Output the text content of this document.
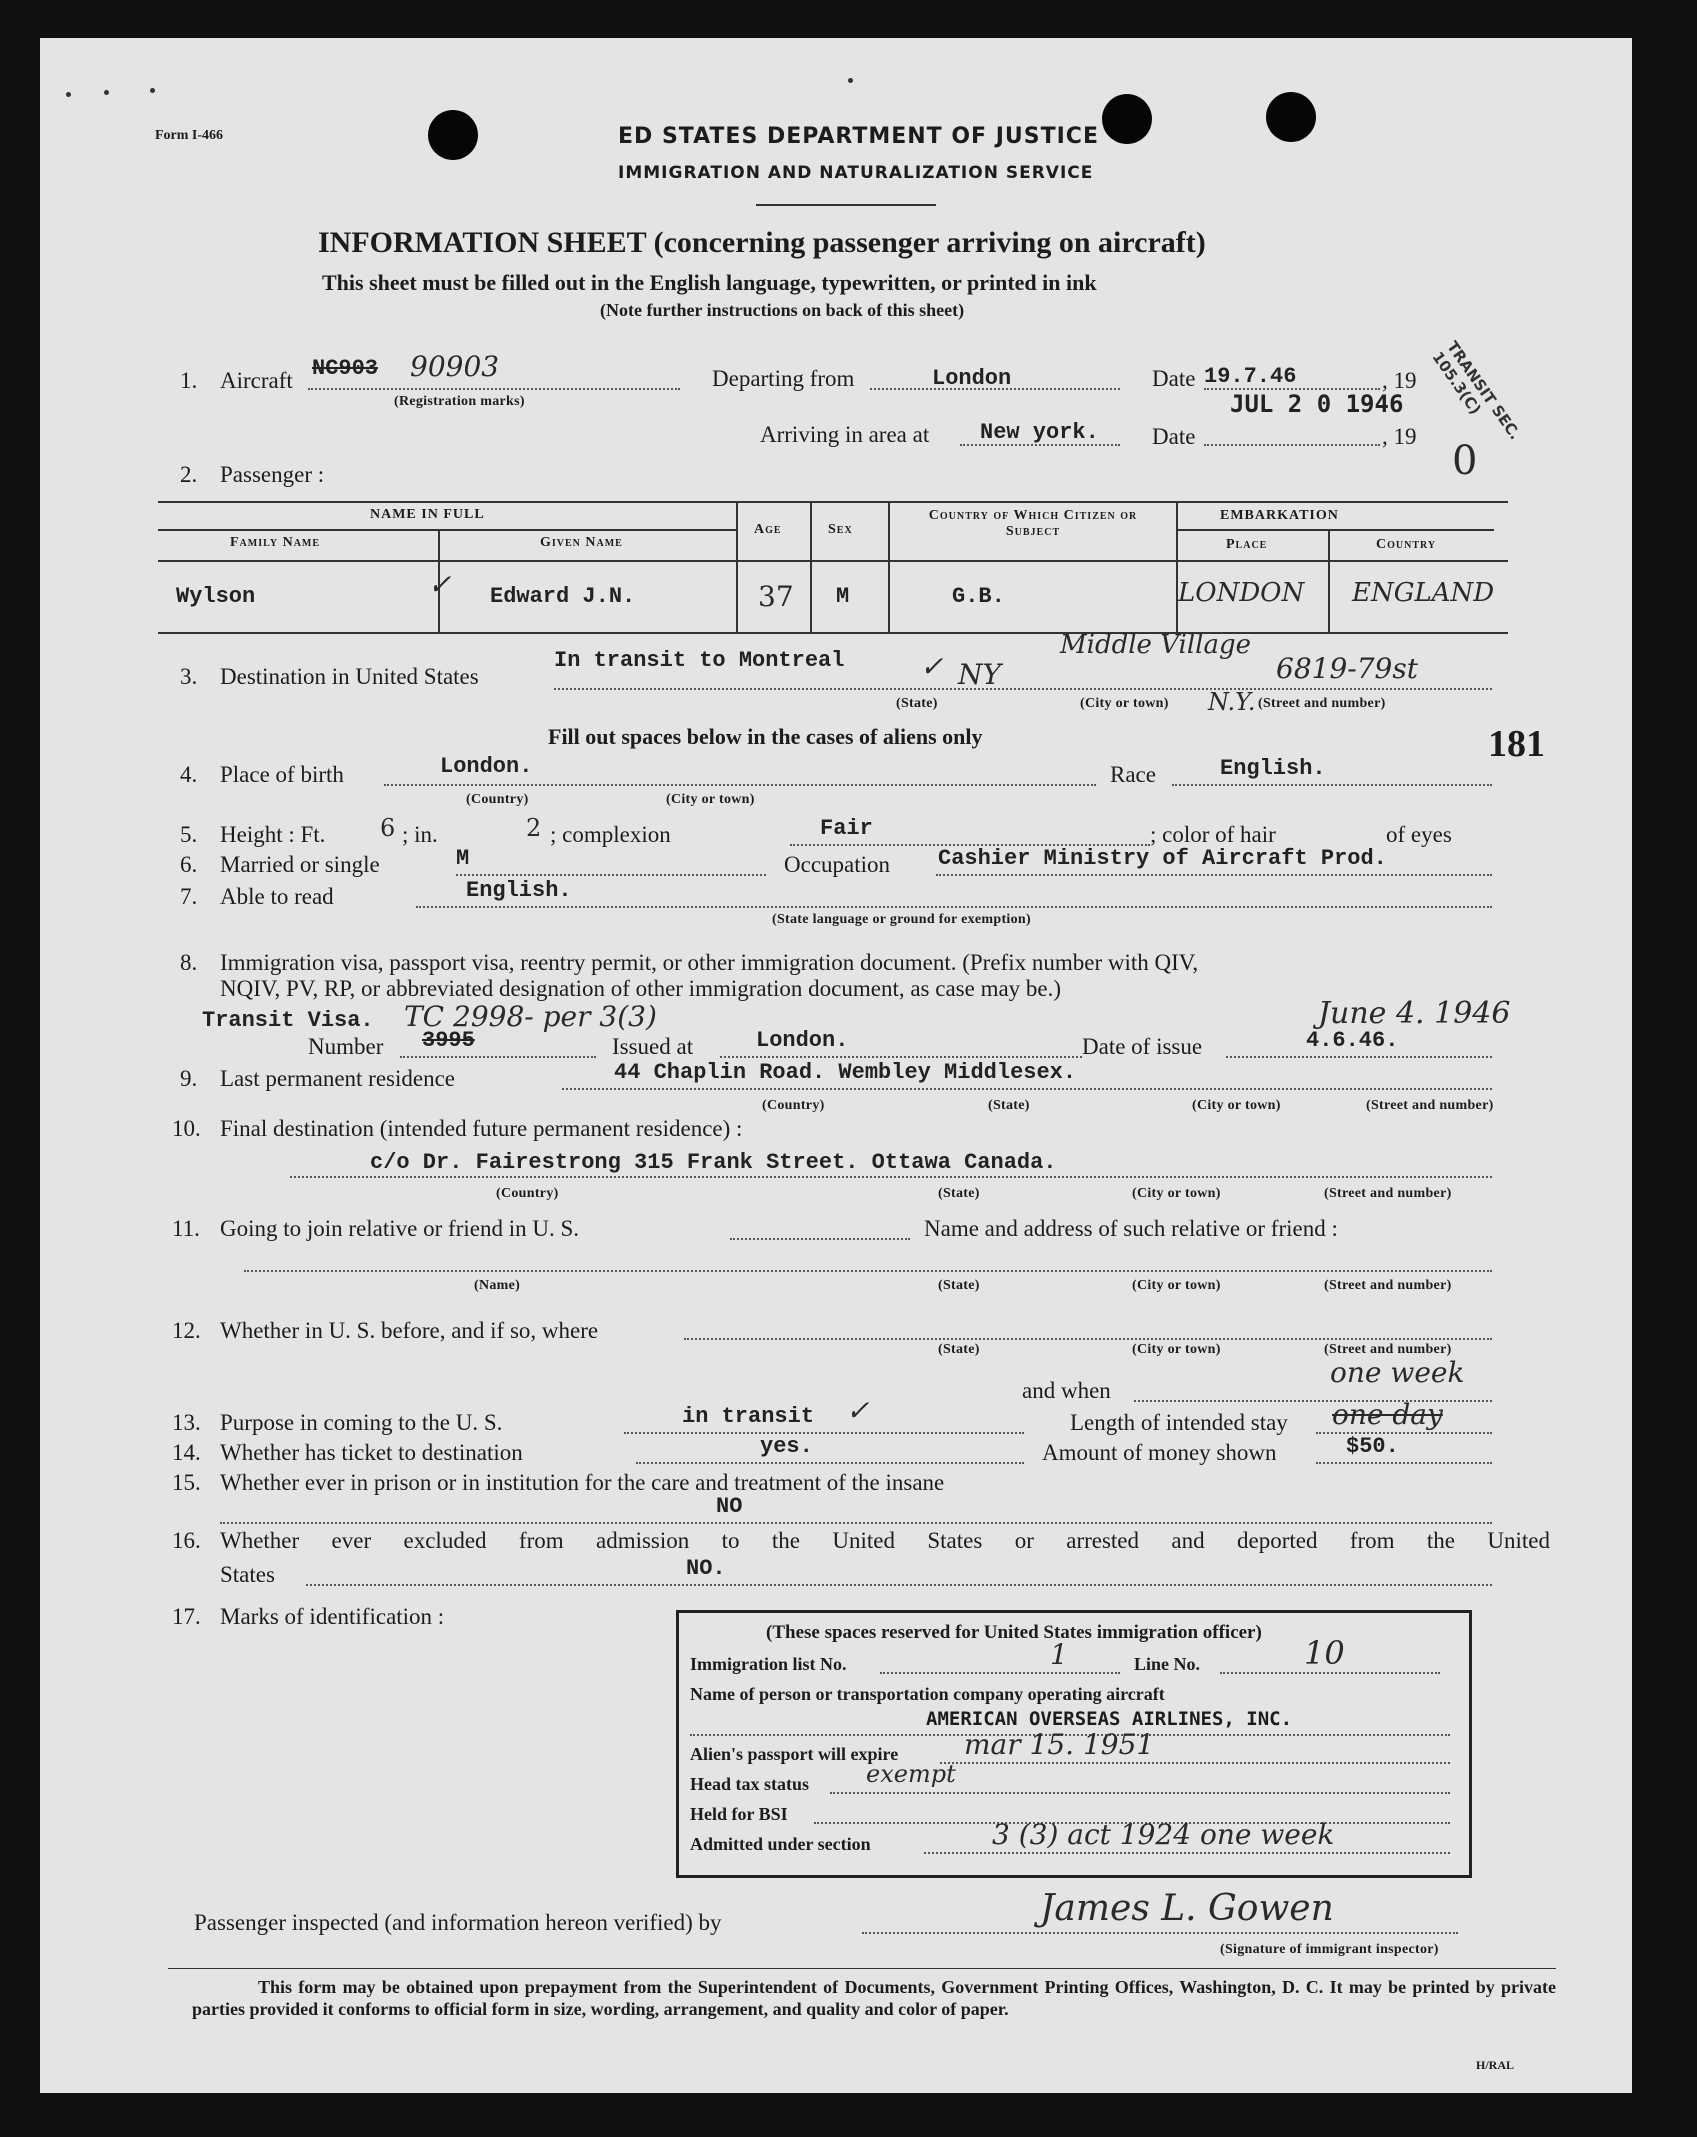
Form I-466	ED STATES DEPARTMENT OF JUSTICE
IMMIGRATION AND NATURALIZATION SERVICE
INFORMATION SHEET (concerning passenger arriving on aircraft)
This sheet must be filled out in the English language, typewritten, or printed in ink
(Note further instructions on back of this sheet)
TRANSIT SEC. 105.3(C)
1. Aircraft NC903 90903
(Registration marks)
Departing from	London	Date 19.7.46	, 19
Arriving in area at New york. Date
JUL 2 0 1946
, 19
2. Passenger :	0
NAME IN FULL
Family Name	Given Name
Age	Sex
Country of Which Citizen or Subject
EMBARKATION
Place	Country
Wylson	✓ Edward J.N.	37 M	G.B.	LONDON ENGLAND
3. Destination in United States
In transit to Montreal	✓ NY
Middle Village
6819-79st
N.Y.
(State)	(City or town)	(Street and number)
Fill out spaces below in the cases of aliens only	181
4. Place of birth	London.
(Country)	(City or town)
Race	English.
5. Height : Ft. 6 ; in.	2 ; complexion	Fair	; color of hair	of eyes
6. Married or single	M	Occupation Cashier Ministry of Aircraft Prod.
7. Able to read	English.
(State language or ground for exemption)
8. Immigration visa, passport visa, reentry permit, or other immigration document. (Prefix number with QIV,
NQIV, PV, RP, or abbreviated designation of other immigration document, as case may be.)
Transit Visa. TC 2998- per 3(3)	June 4. 1946
Number 3995	Issued at	London.	Date of issue	4.6.46.
9. Last permanent residence	44 Chaplin Road. Wembley Middlesex.
(Country)	(State)	(City or town)	(Street and number)
10. Final destination (intended future permanent residence) :
c/o Dr. Fairestrong 315 Frank Street. Ottawa Canada.
(Country)	(State)	(City or town)	(Street and number)
11. Going to join relative or friend in U. S.	Name and address of such relative or friend :
(Name)	(State)	(City or town)	(Street and number)
12. Whether in U. S. before, and if so, where
(State)	(City or town)	(Street and number)
and when
one week
13. Purpose in coming to the U. S.	in transit ✓	Length of intended stay one day
14. Whether has ticket to destination	yes.	Amount of money shown	$50.
15. Whether ever in prison or in institution for the care and treatment of the insane
NO
16. Whether ever excluded from admission to the United States or arrested and deported from the United
States	NO.
17. Marks of identification :
(These spaces reserved for United States immigration officer)
Immigration list No.	1	Line No.	10
Name of person or transportation company operating aircraft
AMERICAN OVERSEAS AIRLINES, INC.
Alien's passport will expire mar 15. 1951
Head tax status exempt
Held for BSI
Admitted under section	3 (3) act 1924 one week
Passenger inspected (and information hereon verified) by	James L. Gowen
(Signature of immigrant inspector)
This form may be obtained upon prepayment from the Superintendent of Documents, Government Printing Offices, Washington, D. C. It may be printed by private parties provided it conforms to official form in size, wording, arrangement, and quality and color of paper.
H/RAL
